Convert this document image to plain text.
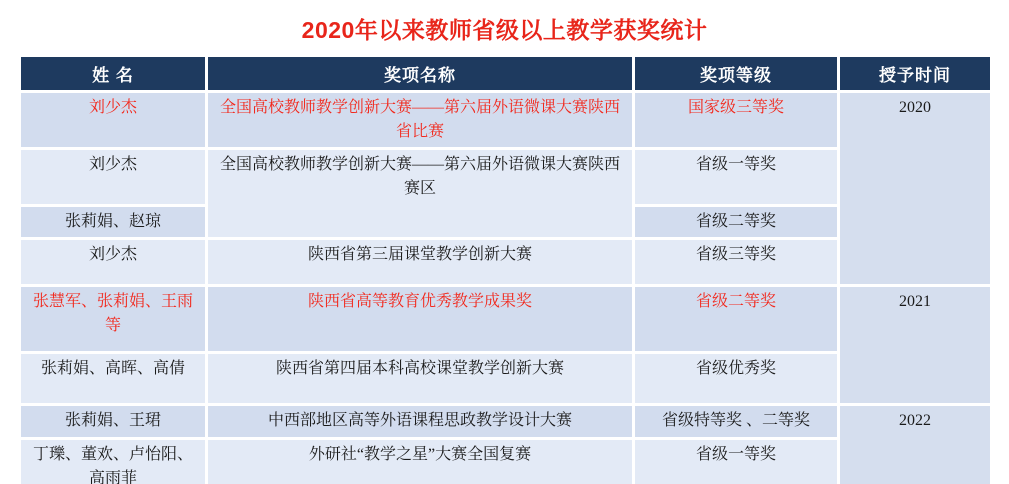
2020年以来教师省级以上教学获奖统计
姓 名	奖项名称	奖项等级	授予时间
刘少杰	全国高校教师教学创新大赛——第六届外语微课大赛陕西省比赛	国家级三等奖	2020
刘少杰	全国高校教师教学创新大赛——第六届外语微课大赛陕西赛区	省级一等奖	
张莉娟、赵琼		省级二等奖	
刘少杰	陕西省第三届课堂教学创新大赛	省级三等奖	
张慧军、张莉娟、王雨等	陕西省高等教育优秀教学成果奖	省级二等奖	2021
张莉娟、高晖、高倩	陕西省第四届本科高校课堂教学创新大赛	省级优秀奖	
张莉娟、王珺	中西部地区高等外语课程思政教学设计大赛	省级特等奖 、二等奖	2022
丁瓅、董欢、卢怡阳、高雨菲	外研社“教学之星”大赛全国复赛	省级一等奖	
